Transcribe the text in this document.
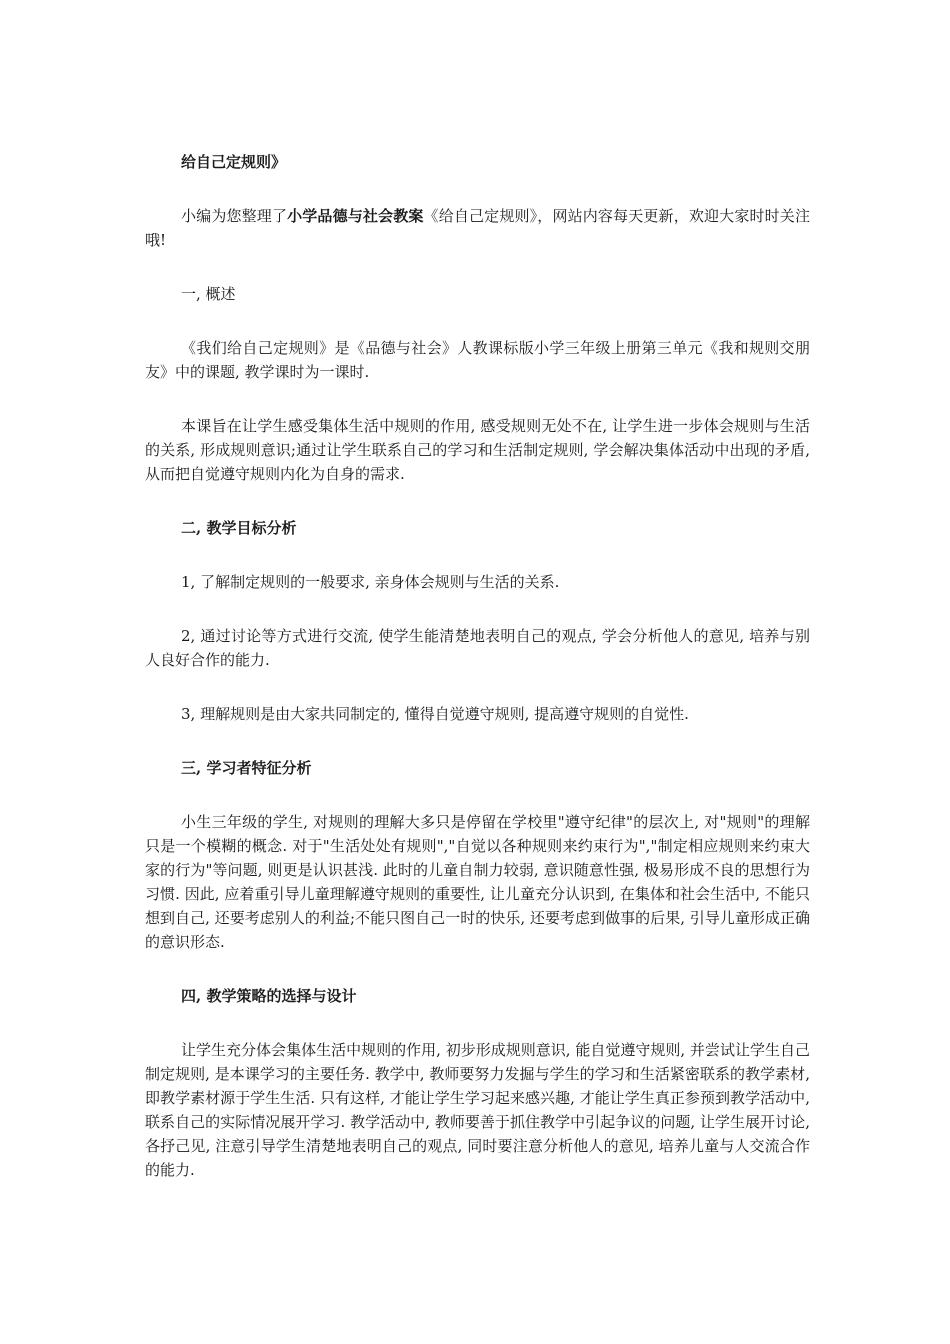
给自己定规则》

小编为您整理了小学品德与社会教案《给自己定规则》，网站内容每天更新，欢迎大家时时关注哦!

一, 概述

《我们给自己定规则》是《品德与社会》人教课标版小学三年级上册第三单元《我和规则交朋友》中的课题, 教学课时为一课时.

本课旨在让学生感受集体生活中规则的作用, 感受规则无处不在, 让学生进一步体会规则与生活的关系, 形成规则意识;通过让学生联系自己的学习和生活制定规则, 学会解决集体活动中出现的矛盾, 从而把自觉遵守规则内化为自身的需求.

二, 教学目标分析

1, 了解制定规则的一般要求, 亲身体会规则与生活的关系.

2, 通过讨论等方式进行交流, 使学生能清楚地表明自己的观点, 学会分析他人的意见, 培养与别人良好合作的能力.

3, 理解规则是由大家共同制定的, 懂得自觉遵守规则, 提高遵守规则的自觉性.

三, 学习者特征分析

小生三年级的学生, 对规则的理解大多只是停留在学校里"遵守纪律"的层次上, 对"规则"的理解只是一个模糊的概念. 对于"生活处处有规则","自觉以各种规则来约束行为","制定相应规则来约束大家的行为"等问题, 则更是认识甚浅. 此时的儿童自制力较弱, 意识随意性强, 极易形成不良的思想行为习惯. 因此, 应着重引导儿童理解遵守规则的重要性, 让儿童充分认识到, 在集体和社会生活中, 不能只想到自己, 还要考虑别人的利益;不能只图自己一时的快乐, 还要考虑到做事的后果, 引导儿童形成正确的意识形态.

四, 教学策略的选择与设计

让学生充分体会集体生活中规则的作用, 初步形成规则意识, 能自觉遵守规则, 并尝试让学生自己制定规则, 是本课学习的主要任务. 教学中, 教师要努力发掘与学生的学习和生活紧密联系的教学素材, 即教学素材源于学生生活. 只有这样, 才能让学生学习起来感兴趣, 才能让学生真正参预到教学活动中, 联系自己的实际情况展开学习. 教学活动中, 教师要善于抓住教学中引起争议的问题, 让学生展开讨论, 各抒己见, 注意引导学生清楚地表明自己的观点, 同时要注意分析他人的意见, 培养儿童与人交流合作的能力.
